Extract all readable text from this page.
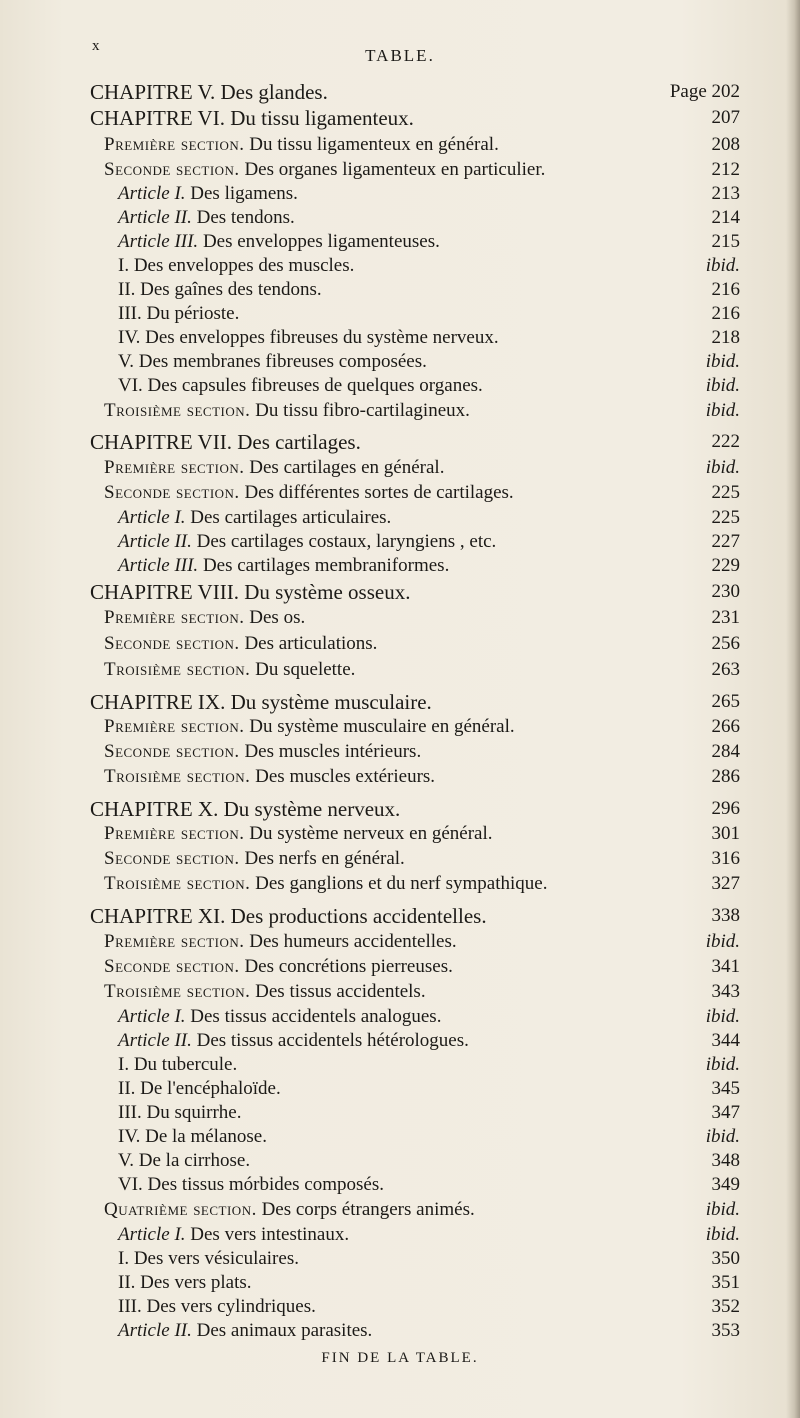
x	TABLE.
CHAPITRE V. Des glandes.	Page 202
CHAPITRE VI. Du tissu ligamenteux.	207
Première section. Du tissu ligamenteux en général.	208
Seconde section. Des organes ligamenteux en particulier.	212
Article I. Des ligamens.	213
Article II. Des tendons.	214
Article III. Des enveloppes ligamenteuses.	215
I. Des enveloppes des muscles.	ibid.
II. Des gaînes des tendons.	216
III. Du périoste.	216
IV. Des enveloppes fibreuses du système nerveux.	218
V. Des membranes fibreuses composées.	ibid.
VI. Des capsules fibreuses de quelques organes.	ibid.
Troisième section. Du tissu fibro-cartilagineux.	ibid.
CHAPITRE VII. Des cartilages.	222
Première section. Des cartilages en général.	ibid.
Seconde section. Des différentes sortes de cartilages.	225
Article I. Des cartilages articulaires.	225
Article II. Des cartilages costaux, laryngiens , etc.	227
Article III. Des cartilages membraniformes.	229
CHAPITRE VIII. Du système osseux.	230
Première section. Des os.	231
Seconde section. Des articulations.	256
Troisième section. Du squelette.	263
CHAPITRE IX. Du système musculaire.	265
Première section. Du système musculaire en général.	266
Seconde section. Des muscles intérieurs.	284
Troisième section. Des muscles extérieurs.	286
CHAPITRE X. Du système nerveux.	296
Première section. Du système nerveux en général.	301
Seconde section. Des nerfs en général.	316
Troisième section. Des ganglions et du nerf sympathique.	327
CHAPITRE XI. Des productions accidentelles.	338
Première section. Des humeurs accidentelles.	ibid.
Seconde section. Des concrétions pierreuses.	341
Troisième section. Des tissus accidentels.	343
Article I. Des tissus accidentels analogues.	ibid.
Article II. Des tissus accidentels hétérologues.	344
I. Du tubercule.	ibid.
II. De l'encéphaloïde.	345
III. Du squirrhe.	347
IV. De la mélanose.	ibid.
V. De la cirrhose.	348
VI. Des tissus mórbides composés.	349
Quatrième section. Des corps étrangers animés.	ibid.
Article I. Des vers intestinaux.	ibid.
I. Des vers vésiculaires.	350
II. Des vers plats.	351
III. Des vers cylindriques.	352
Article II. Des animaux parasites.	353
FIN DE LA TABLE.
